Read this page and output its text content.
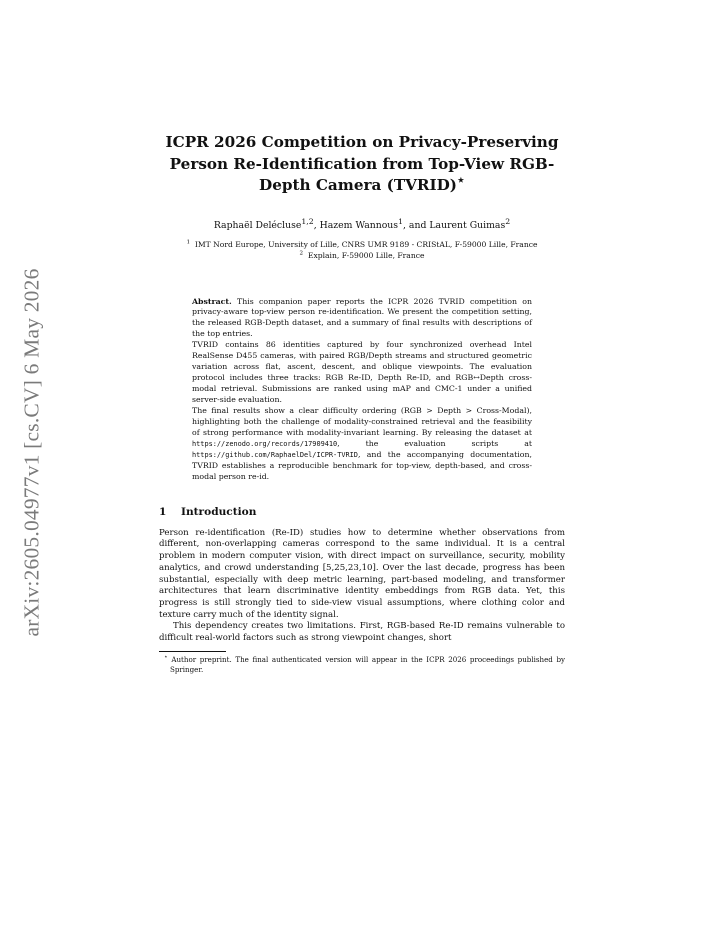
arXiv:2605.04977v1 [cs.CV] 6 May 2026
ICPR 2026 Competition on Privacy-Preserving Person Re-Identification from Top-View RGB-Depth Camera (TVRID)⋆
Raphaël Delécluse$^{1,2}$, Hazem Wannous$^1$, and Laurent Guimas$^2$
$^1$ IMT Nord Europe, University of Lille, CNRS UMR 9189 - CRIStAL, F-59000 Lille, France
$^2$ Explain, F-59000 Lille, France

Abstract. This companion paper reports the ICPR 2026 TVRID competition on privacy-aware top-view person re-identification. We present the competition setting, the released RGB-Depth dataset, and a summary of final results with descriptions of the top entries.

TVRID contains 86 identities captured by four synchronized overhead Intel RealSense D455 cameras, with paired RGB/Depth streams and structured geometric variation across flat, ascent, descent, and oblique viewpoints. The evaluation protocol includes three tracks: RGB Re-ID, Depth Re-ID, and RGB↔Depth cross-modal retrieval. Submissions are ranked using mAP and CMC-1 under a unified server-side evaluation.

The final results show a clear difficulty ordering (RGB > Depth > Cross-Modal), highlighting both the challenge of modality-constrained retrieval and the feasibility of strong performance with modality-invariant learning. By releasing the dataset at https://zenodo.org/records/17909410, the evaluation scripts at https://github.com/RaphaelDel/ICPR-TVRID, and the accompanying documentation, TVRID establishes a reproducible benchmark for top-view, depth-based, and cross-modal person re-id.

1	Introduction

Person re-identification (Re-ID) studies how to determine whether observations from different, non-overlapping cameras correspond to the same individual. It is a central problem in modern computer vision, with direct impact on surveillance, security, mobility analytics, and crowd understanding [5,25,23,10]. Over the last decade, progress has been substantial, especially with deep metric learning, part-based modeling, and transformer architectures that learn discriminative identity embeddings from RGB data. Yet, this progress is still strongly tied to side-view visual assumptions, where clothing color and texture carry much of the identity signal.

This dependency creates two limitations. First, RGB-based Re-ID remains vulnerable to difficult real-world factors such as strong viewpoint changes, short

⋆ Author preprint. The final authenticated version will appear in the ICPR 2026 proceedings published by Springer.
